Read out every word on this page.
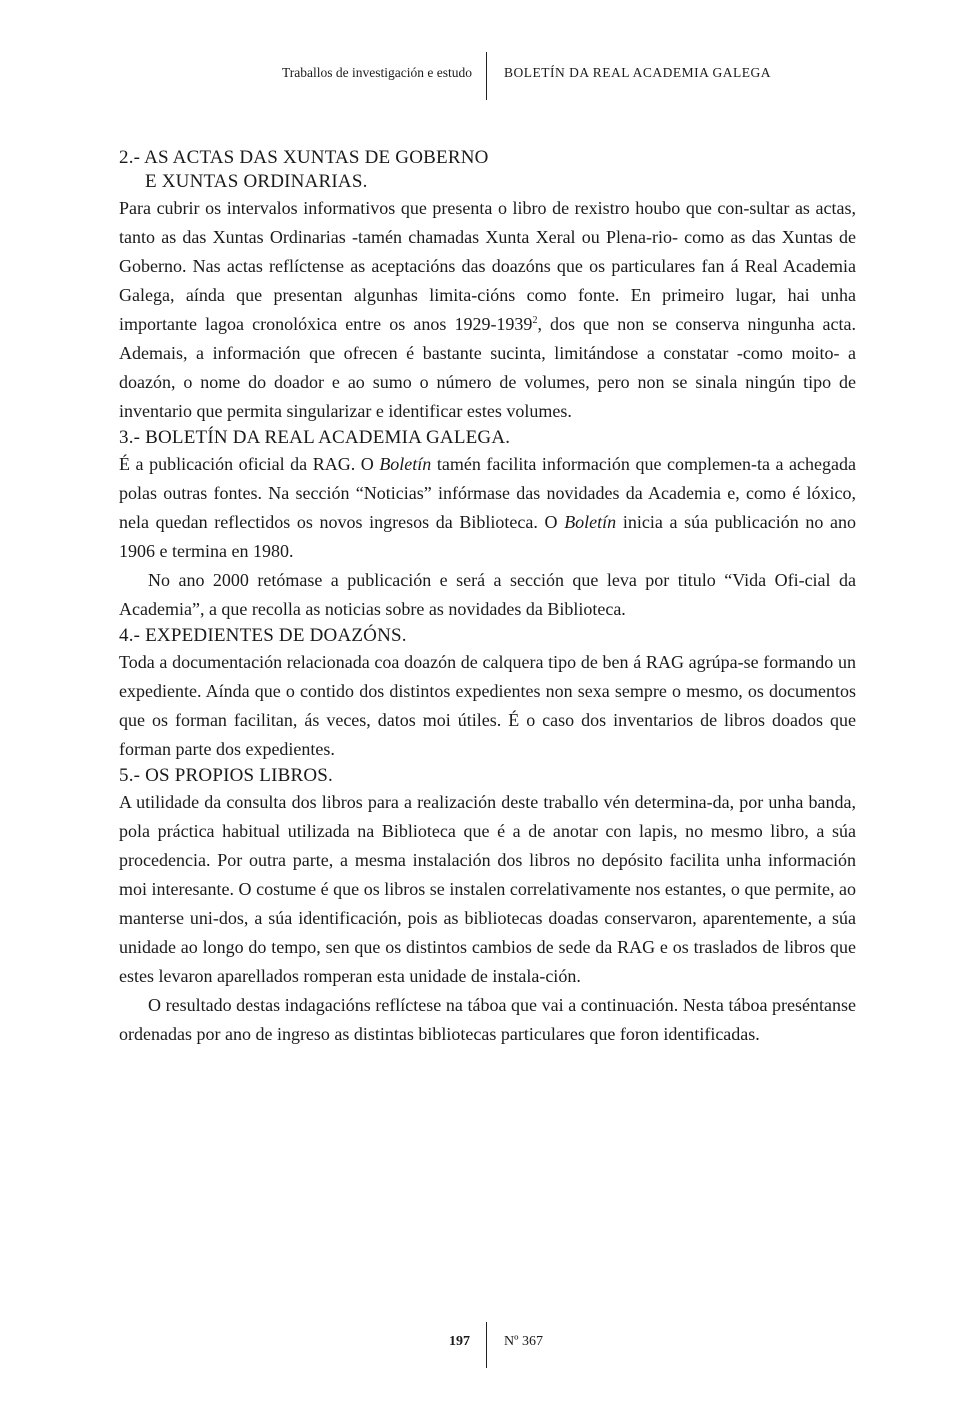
Traballos de investigación e estudo BOLETÍN DA REAL ACADEMIA GALEGA
2.- AS ACTAS DAS XUNTAS DE GOBERNO
E XUNTAS ORDINARIAS.

Para cubrir os intervalos informativos que presenta o libro de rexistro houbo que con-sultar as actas, tanto as das Xuntas Ordinarias -tamén chamadas Xunta Xeral ou Plena-rio- como as das Xuntas de Goberno. Nas actas reflíctense as aceptacións das doazóns que os particulares fan á Real Academia Galega, aínda que presentan algunhas limita-cións como fonte. En primeiro lugar, hai unha importante lagoa cronolóxica entre os anos 1929-1939$^2$, dos que non se conserva ningunha acta. Ademais, a información que ofrecen é bastante sucinta, limitándose a constatar -como moito- a doazón, o nome do doador e ao sumo o número de volumes, pero non se sinala ningún tipo de inventario que permita singularizar e identificar estes volumes.

3.- BOLETÍN DA REAL ACADEMIA GALEGA.

É a publicación oficial da RAG. O Boletín tamén facilita información que complemen-ta a achegada polas outras fontes. Na sección “Noticias” infórmase das novidades da Academia e, como é lóxico, nela quedan reflectidos os novos ingresos da Biblioteca. O Boletín inicia a súa publicación no ano 1906 e termina en 1980.

No ano 2000 retómase a publicación e será a sección que leva por titulo “Vida Ofi-cial da Academia”, a que recolla as noticias sobre as novidades da Biblioteca.

4.- EXPEDIENTES DE DOAZÓNS.

Toda a documentación relacionada coa doazón de calquera tipo de ben á RAG agrúpa-se formando un expediente. Aínda que o contido dos distintos expedientes non sexa sempre o mesmo, os documentos que os forman facilitan, ás veces, datos moi útiles. É o caso dos inventarios de libros doados que forman parte dos expedientes.

5.- OS PROPIOS LIBROS.

A utilidade da consulta dos libros para a realización deste traballo vén determina-da, por unha banda, pola práctica habitual utilizada na Biblioteca que é a de anotar con lapis, no mesmo libro, a súa procedencia. Por outra parte, a mesma instalación dos libros no depósito facilita unha información moi interesante. O costume é que os libros se instalen correlativamente nos estantes, o que permite, ao manterse uni-dos, a súa identificación, pois as bibliotecas doadas conservaron, aparentemente, a súa unidade ao longo do tempo, sen que os distintos cambios de sede da RAG e os traslados de libros que estes levaron aparellados romperan esta unidade de instala-ción.

O resultado destas indagacións reflíctese na táboa que vai a continuación. Nesta táboa preséntanse ordenadas por ano de ingreso as distintas bibliotecas particulares que foron identificadas.

197 Nº 367
